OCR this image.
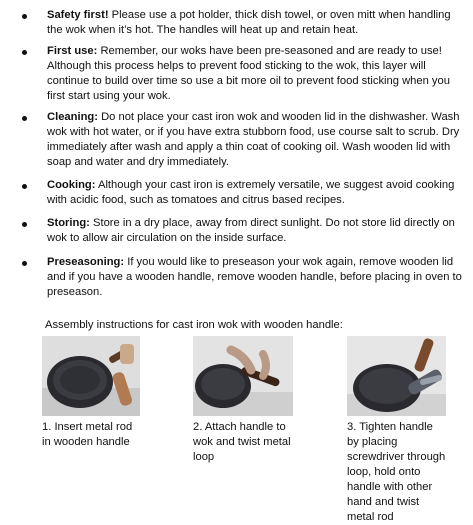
Safety first! Please use a pot holder, thick dish towel, or oven mitt when handling the wok when it’s hot. The handles will heat up and retain heat.
First use: Remember, our woks have been pre-seasoned and are ready to use! Although this process helps to prevent food sticking to the wok, this layer will continue to build over time so use a bit more oil to prevent food sticking when you first start using your wok.
Cleaning: Do not place your cast iron wok and wooden lid in the dishwasher. Wash wok with hot water, or if you have extra stubborn food, use course salt to scrub. Dry immediately after wash and apply a thin coat of cooking oil. Wash wooden lid with soap and water and dry immediately.
Cooking: Although your cast iron is extremely versatile, we suggest avoid cooking with acidic food, such as tomatoes and citrus based recipes.
Storing: Store in a dry place, away from direct sunlight. Do not store lid directly on wok to allow air circulation on the inside surface.
Preseasoning: If you would like to preseason your wok again, remove wooden lid and if you have a wooden handle, remove wooden handle, before placing in oven to preseason.
Assembly instructions for cast iron wok with wooden handle:
1. Insert metal rod in wooden handle
2. Attach handle to wok and twist metal loop
3. Tighten handle by placing screwdriver through loop, hold onto handle with other hand and twist metal rod
